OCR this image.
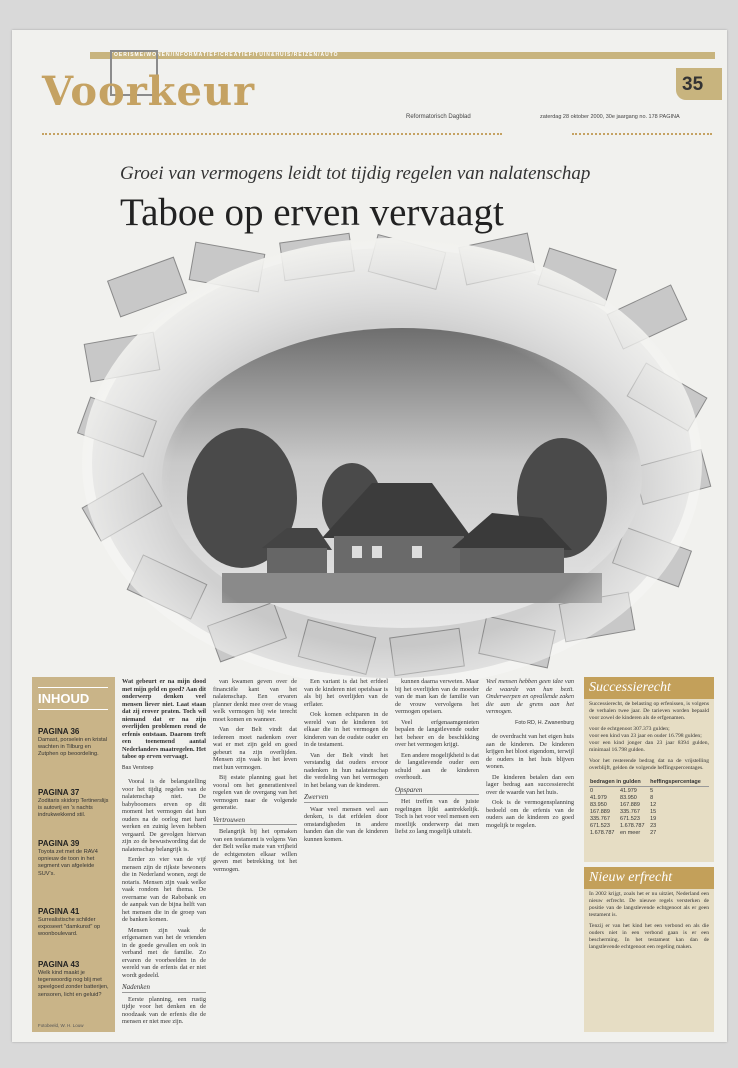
TOERISME/WONEN/INFORMATIEF/CREATIEF/TUIN&HUIS/REIZEN/AUTO
Voorkeur
Reformatorisch Dagblad	zaterdag 28 oktober 2000, 30e jaargang no. 178 PAGINA
35
Groei van vermogens leidt tot tijdig regelen van nalatenschap
Taboe op erven vervaagt
INHOUD

PAGINA 36

Damast, porselein en kristal wachten in Tilburg en Zutphen op beoordeling.

PAGINA 37

Zoditaris skidorp Tertinerslijs is autovrij en 's nachts indrukwekkend stil.

PAGINA 39

Toyota zet met de RAV4 opnieuw de toon in het segment van afgeleide SUV's.

PAGINA 41

Surrealistische schilder exposeert "damkunst" op woonboulevard.

PAGINA 43

Welk kind maakt je tegenwoordig nog blij met speelgoed zonder batterijen, sensoren, licht en geluid?

Fotobeeld, W. H. Louw

Wat gebeurt er na mijn dood met mijn geld en goed? Aan dit onderwerp denken veel mensen liever niet. Laat staan dat zij erover praten. Toch wil niemand dat er na zijn overlijden problemen rond de erfenis ontstaan. Daarom treft een toenemend aantal Nederlanders maatregelen. Het taboe op erven vervaagt.

Bas Verstoep

Vooral is de belangstelling voor het tijdig regelen van de nalatenschap niet. De babyboomers erven op dit moment het vermogen dat hun ouders na de oorlog met hard werken en zuinig leven hebben vergaard. De gevolgen hiervan zijn zo de bewustwording dat de nalatenschap belangrijk is.

Eerder zo vier van de vijf mensen zijn de rijkste bewoners die in Nederland wonen, zegt de notaris. Mensen zijn vaak welke vaak rondom het thema. De overname van de Rabobank en de aanpak van de bijna helft van het mensen die in de groep van de banken komen.

Mensen zijn vaak de erfgenamen van het de vrienden in de goede gevallen en ook in verband met de familie. Zo ervaren de voorbeelden in de wereld van de erfenis dat er niet wordt gedeeld.

Nadenken

Eerste planning, een rustig tijdje voor het denken en de noodzaak van de erfenis die de mensen er niet mee zijn.

van kwamen geven over de financiële kant van het nalatenschap. Een ervaren planner denkt mee over de vraag welk vermogen bij wie terecht moet komen en wanneer.

Van der Belt vindt dat iedereen moet nadenken over wat er met zijn geld en goed gebeurt na zijn overlijden. Mensen zijn vaak in het leven met hun vermogen.

Bij estate planning gaat het vooral om het generatieniveel regelen van de overgang van het vermogen naar de volgende generatie.

Vertrouwen

Belangrijk bij het opmaken van een testament is volgens Van der Belt welke mate van vrijheid de echtgenoten elkaar willen geven met betrekking tot het vermogen.

Een variant is dat het erfdeel van de kinderen niet opeisbaar is als bij het overlijden van de erflater.

Ook komen echtparen in de wereld van de kinderen tot elkaar die in het vermogen de kinderen van de oudste ouder en in de testament.

Van der Belt vindt het verstandig dat ouders ervoor nadenken in hun nalatenschap die verdeling van het vermogen in het belang van de kinderen.

Zwerven

Waar veel mensen wel aan denken, is dat erfdelen door omstandigheden in andere handen dan die van de kinderen kunnen komen.

kunnen daarna verweten. Maar bij het overlijden van de moeder van de man kan de familie van de vrouw vervolgens het vermogen opeisen.

Veel erfgenaamgenieten bepalen de langstlevende ouder het beheer en de beschikking over het vermogen krijgt.

Een andere mogelijkheid is dat de langstlevende ouder een schuld aan de kinderen overhoudt.

Opsparen

Het treffen van de juiste regelingen lijkt aantrekkelijk. Toch is het voor veel mensen een moeilijk onderwerp dat men liefst zo lang mogelijk uitstelt.

Veel mensen hebben geen idee van de waarde van hun bezit. Onderwerpen en opvallende zaken die aan de grens aan het vermogen.

Foto RD, H. Zwanenburg

de overdracht van het eigen huis aan de kinderen. De kinderen krijgen het bloot eigendom, terwijl de ouders in het huis blijven wonen.

De kinderen betalen dan een lager bedrag aan successierecht over de waarde van het huis.

Ook is de vermogensplanning bedoeld om de erfenis van de ouders aan de kinderen zo goed mogelijk te regelen.

Successierecht

Successierecht, de belasting op erfenissen, is volgens de verhalen twee jaar. De tarieven worden bepaald voor zowel de kinderen als de erfgenamen.

voor de echtgenoot 307.373 gulden;
voor een kind van 23 jaar en ouder 16.798 gulden;
voor een kind jonger dan 23 jaar 8394 gulden, minimaal 16.798 gulden.

Voor het resterende bedrag dat na de vrijstelling overblijft, gelden de volgende heffingspercentages.

bedragen in gulden		heffingspercentage
0	41.979	5
41.979	83.950	8
83.950	167.889	12
167.889	335.767	15
335.767	671.523	19
671.523	1.678.787	23
1.678.787	en meer	27

Nieuw erfrecht

In 2002 krijgt, zoals het er nu uitziet, Nederland een nieuw erfrecht. De nieuwe regels versterken de positie van de langstlevende echtgenoot als er geen testament is.

Tenzij er van het kind het een verbond en als die ouders niet in een verbond gaan is er een bescherming. In het testament kan dan de langstlevende echtgenoot een regeling maken.
